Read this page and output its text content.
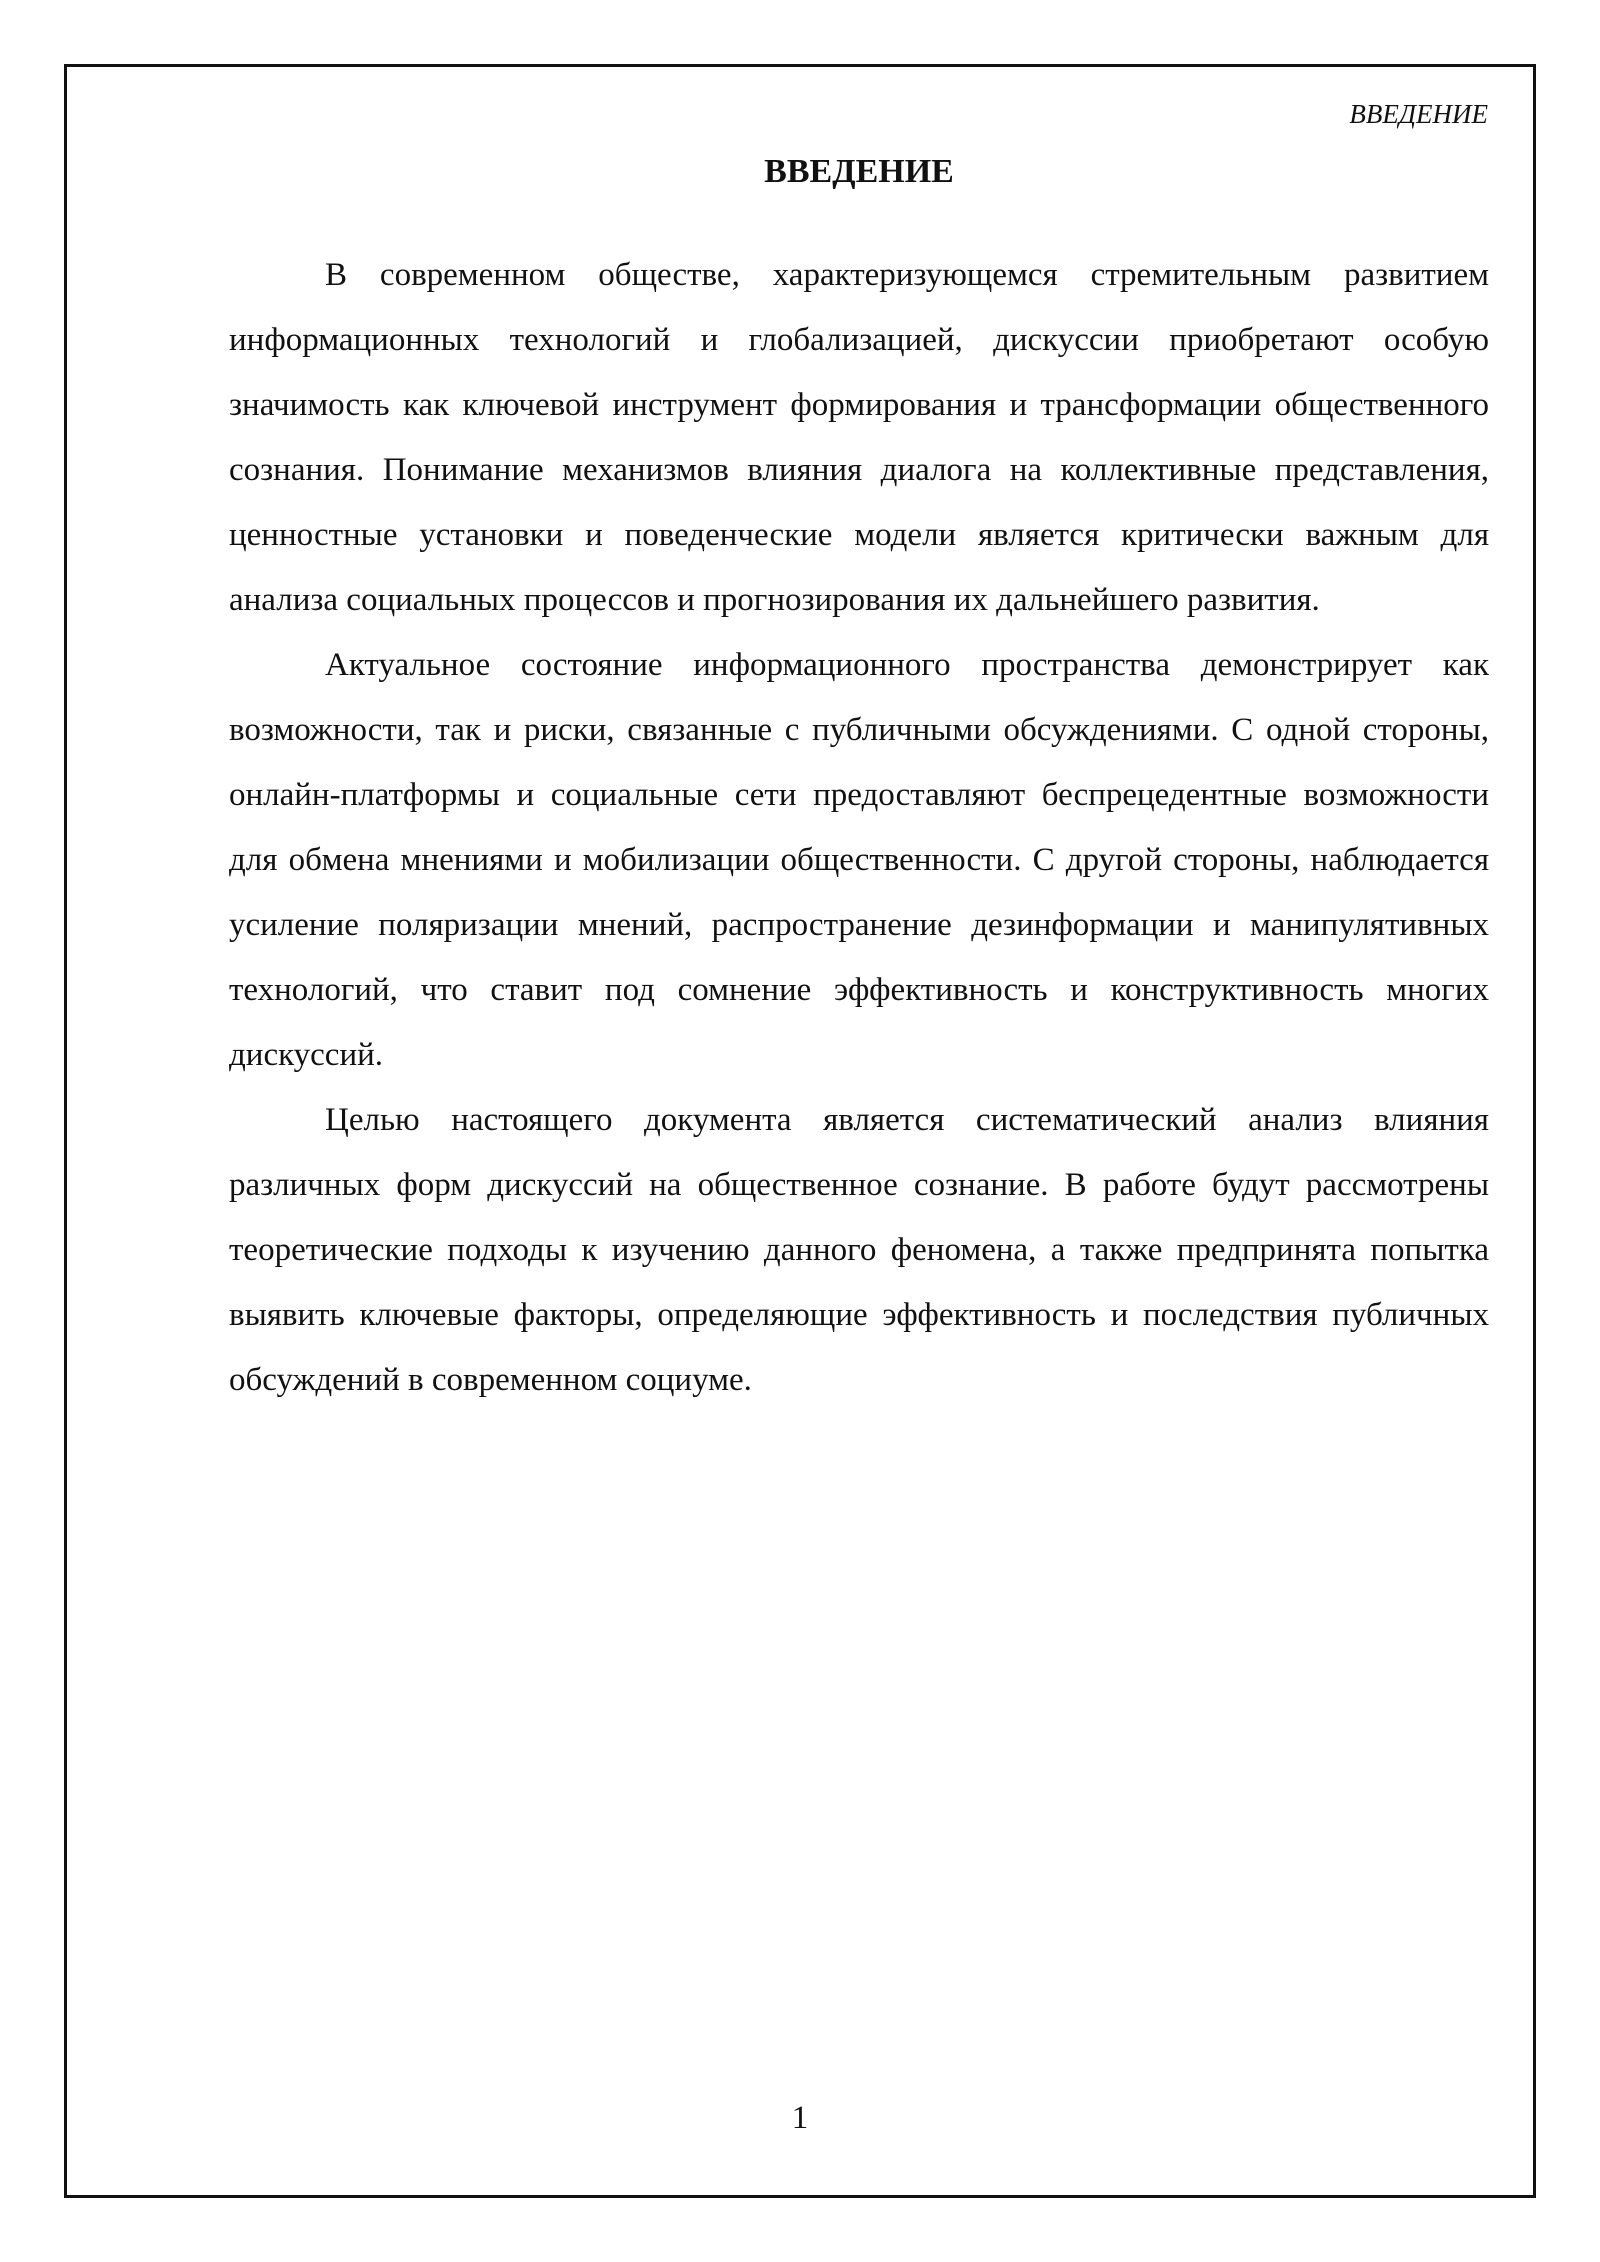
ВВЕДЕНИЕ

ВВЕДЕНИЕ

В современном обществе, характеризующемся стремительным развитием информационных технологий и глобализацией, дискуссии приобретают особую значимость как ключевой инструмент формирования и трансформации общественного сознания. Понимание механизмов влияния диалога на коллективные представления, ценностные установки и поведенческие модели является критически важным для анализа социальных процессов и прогнозирования их дальнейшего развития.

Актуальное состояние информационного пространства демонстрирует как возможности, так и риски, связанные с публичными обсуждениями. С одной стороны, онлайн-платформы и социальные сети предоставляют беспрецедентные возможности для обмена мнениями и мобилизации общественности. С другой стороны, наблюдается усиление поляризации мнений, распространение дезинформации и манипулятивных технологий, что ставит под сомнение эффективность и конструктивность многих дискуссий.

Целью настоящего документа является систематический анализ влияния различных форм дискуссий на общественное сознание. В работе будут рассмотрены теоретические подходы к изучению данного феномена, а также предпринята попытка выявить ключевые факторы, определяющие эффективность и последствия публичных обсуждений в современном социуме.

1
